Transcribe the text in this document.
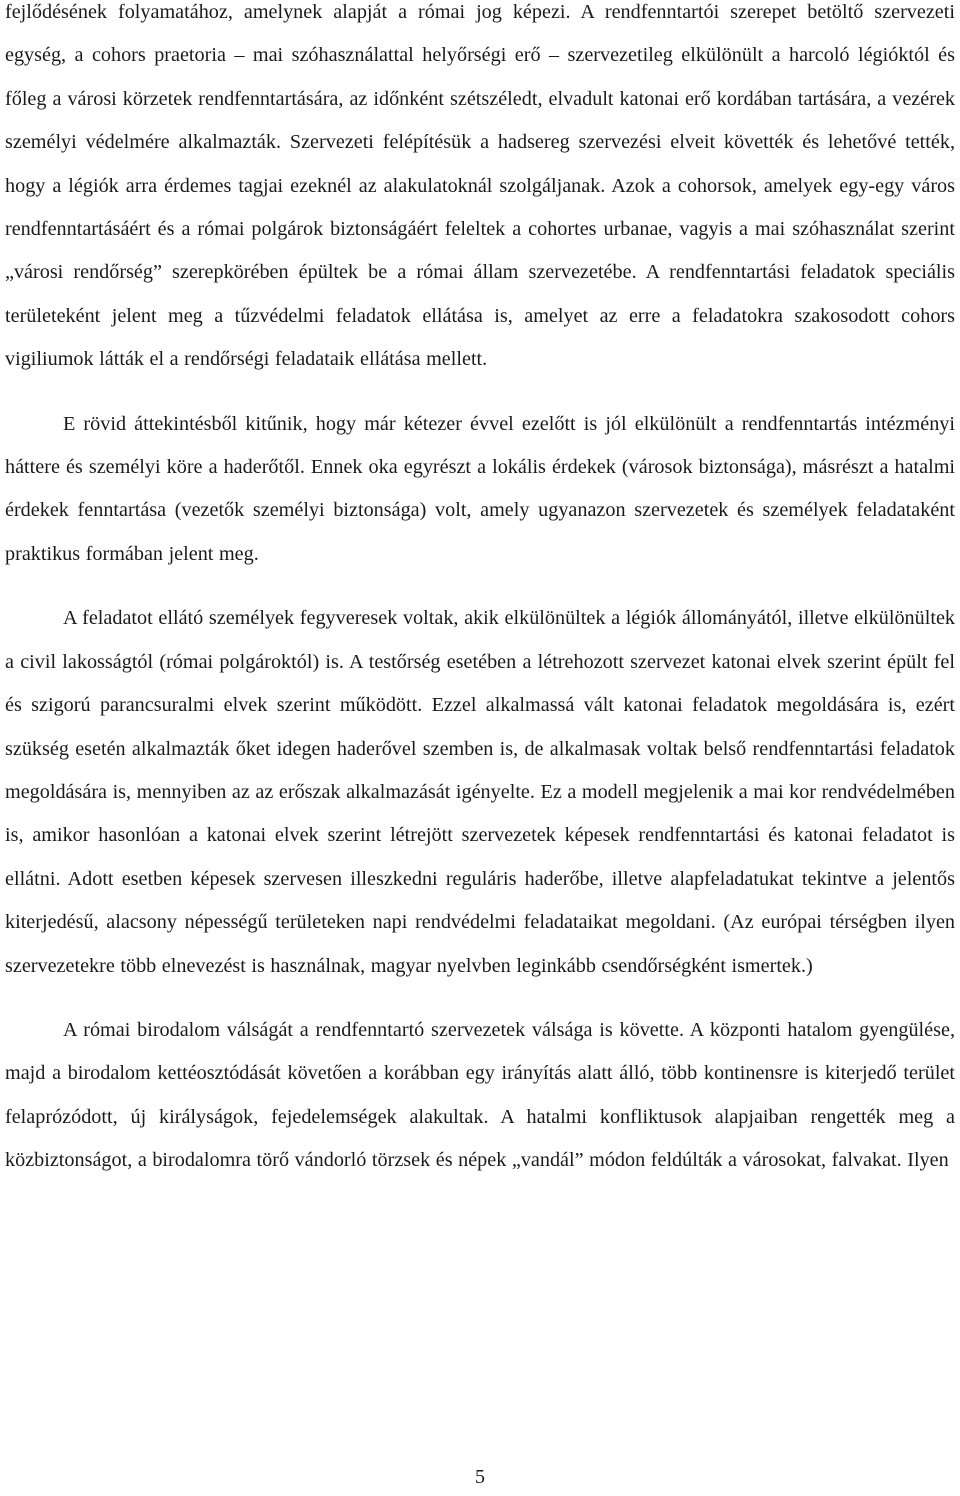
fejlődésének folyamatához, amelynek alapját a római jog képezi. A rendfenntartói szerepet betöltő szervezeti egység, a cohors praetoria – mai szóhasználattal helyőrségi erő – szervezetileg elkülönült a harcoló légióktól és főleg a városi körzetek rendfenntartására, az időnként szétszéledt, elvadult katonai erő kordában tartására, a vezérek személyi védelmére alkalmazták. Szervezeti felépítésük a hadsereg szervezési elveit követték és lehetővé tették, hogy a légiók arra érdemes tagjai ezeknél az alakulatoknál szolgáljanak. Azok a cohorsok, amelyek egy-egy város rendfenntartásáért és a római polgárok biztonságáért feleltek a cohortes urbanae, vagyis a mai szóhasználat szerint „városi rendőrség” szerepkörében épültek be a római állam szervezetébe. A rendfenntartási feladatok speciális területeként jelent meg a tűzvédelmi feladatok ellátása is, amelyet az erre a feladatokra szakosodott cohors vigiliumok látták el a rendőrségi feladataik ellátása mellett.

E rövid áttekintésből kitűnik, hogy már kétezer évvel ezelőtt is jól elkülönült a rendfenntartás intézményi háttere és személyi köre a haderőtől. Ennek oka egyrészt a lokális érdekek (városok biztonsága), másrészt a hatalmi érdekek fenntartása (vezetők személyi biztonsága) volt, amely ugyanazon szervezetek és személyek feladataként praktikus formában jelent meg.

A feladatot ellátó személyek fegyveresek voltak, akik elkülönültek a légiók állományától, illetve elkülönültek a civil lakosságtól (római polgároktól) is. A testőrség esetében a létrehozott szervezet katonai elvek szerint épült fel és szigorú parancsuralmi elvek szerint működött. Ezzel alkalmassá vált katonai feladatok megoldására is, ezért szükség esetén alkalmazták őket idegen haderővel szemben is, de alkalmasak voltak belső rendfenntartási feladatok megoldására is, mennyiben az az erőszak alkalmazását igényelte. Ez a modell megjelenik a mai kor rendvédelmében is, amikor hasonlóan a katonai elvek szerint létrejött szervezetek képesek rendfenntartási és katonai feladatot is ellátni. Adott esetben képesek szervesen illeszkedni reguláris haderőbe, illetve alapfeladatukat tekintve a jelentős kiterjedésű, alacsony népességű területeken napi rendvédelmi feladataikat megoldani. (Az európai térségben ilyen szervezetekre több elnevezést is használnak, magyar nyelvben leginkább csendőrségként ismertek.)

A római birodalom válságát a rendfenntartó szervezetek válsága is követte. A központi hatalom gyengülése, majd a birodalom kettéosztódását követően a korábban egy irányítás alatt álló, több kontinensre is kiterjedő terület felaprózódott, új királyságok, fejedelemségek alakultak. A hatalmi konfliktusok alapjaiban rengették meg a közbiztonságot, a birodalomra törő vándorló törzsek és népek „vandál” módon feldúlták a városokat, falvakat. Ilyen

5
